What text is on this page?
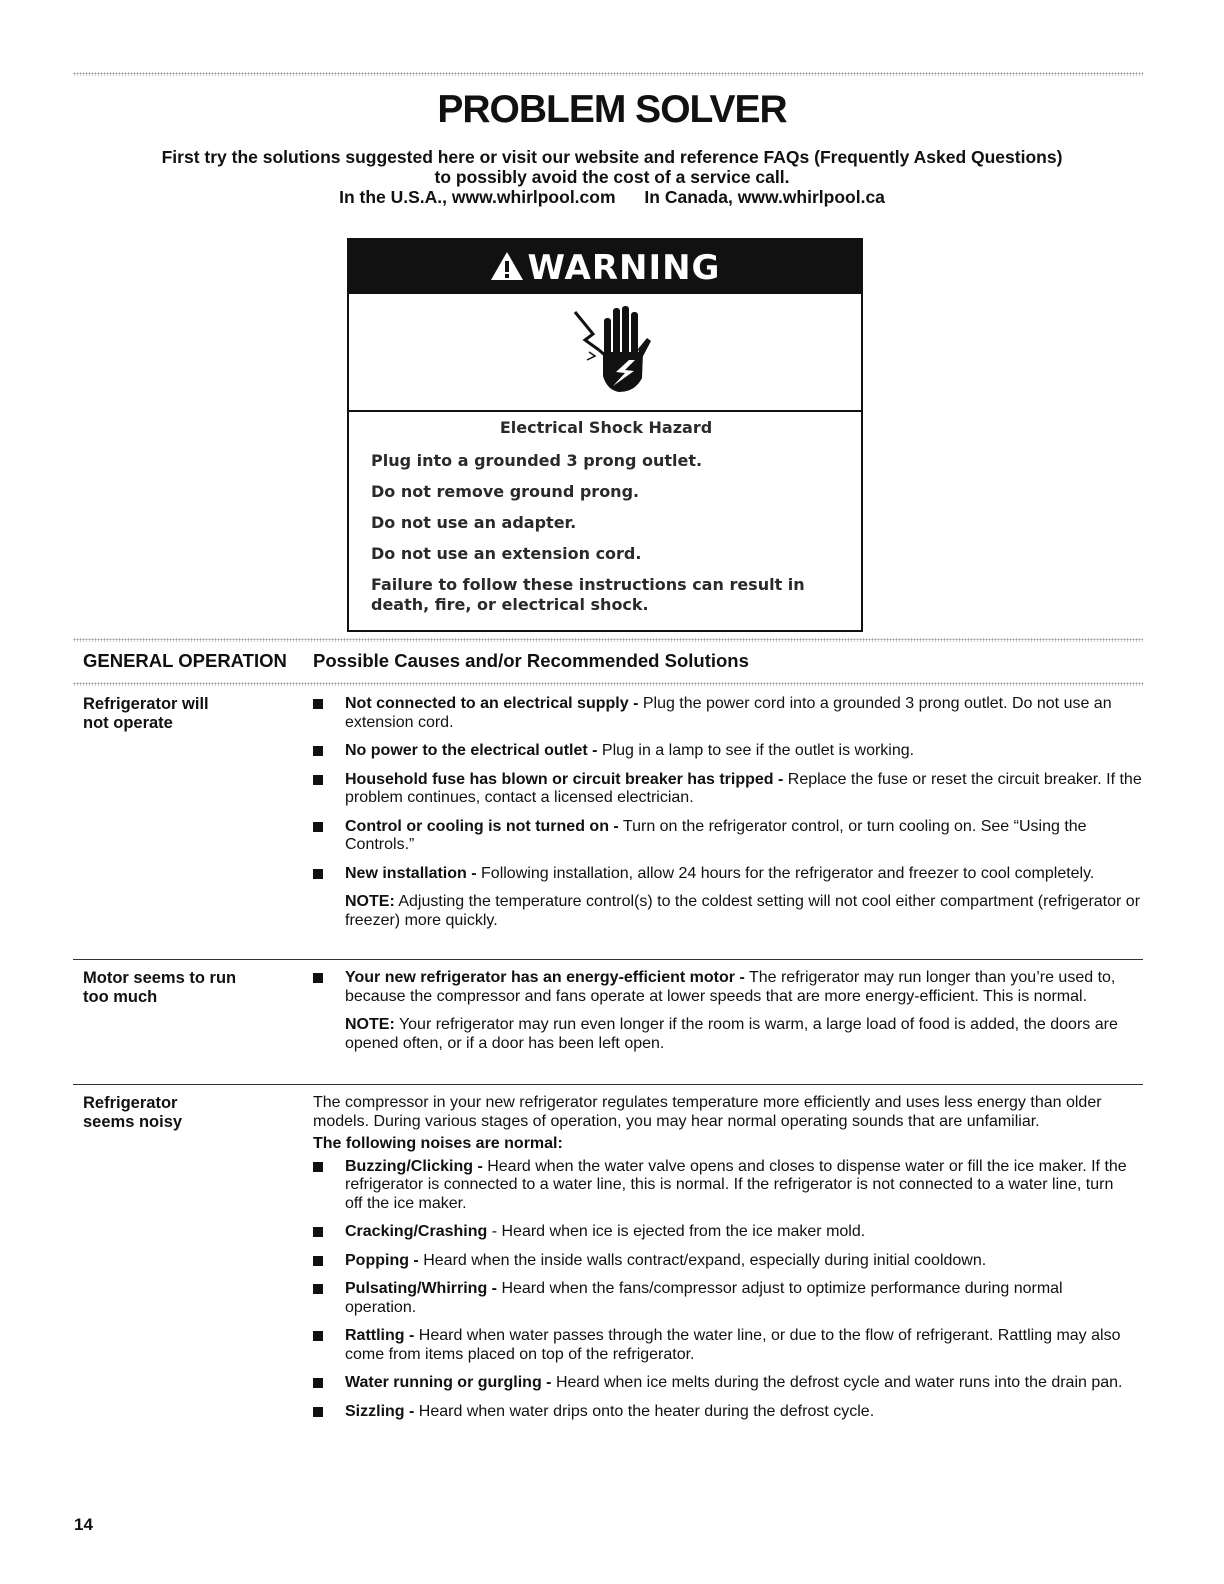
PROBLEM SOLVER
First try the solutions suggested here or visit our website and reference FAQs (Frequently Asked Questions)
to possibly avoid the cost of a service call.
In the U.S.A., www.whirlpool.com In Canada, www.whirlpool.ca
WARNING

Electrical Shock Hazard

Plug into a grounded 3 prong outlet.

Do not remove ground prong.

Do not use an adapter.

Do not use an extension cord.

Failure to follow these instructions can result in death, fire, or electrical shock.

GENERAL OPERATION Possible Causes and/or Recommended Solutions
Refrigerator will
not operate
Not connected to an electrical supply - Plug the power cord into a grounded 3 prong outlet. Do not use an extension cord.
No power to the electrical outlet - Plug in a lamp to see if the outlet is working.
Household fuse has blown or circuit breaker has tripped - Replace the fuse or reset the circuit breaker. If the problem continues, contact a licensed electrician.
Control or cooling is not turned on - Turn on the refrigerator control, or turn cooling on. See “Using the Controls.”
New installation - Following installation, allow 24 hours for the refrigerator and freezer to cool completely.
NOTE: Adjusting the temperature control(s) to the coldest setting will not cool either compartment (refrigerator or freezer) more quickly.
Motor seems to run
too much
Your new refrigerator has an energy-efficient motor - The refrigerator may run longer than you’re used to, because the compressor and fans operate at lower speeds that are more energy-efficient. This is normal.
NOTE: Your refrigerator may run even longer if the room is warm, a large load of food is added, the doors are opened often, or if a door has been left open.
Refrigerator
seems noisy

The compressor in your new refrigerator regulates temperature more efficiently and uses less energy than older models. During various stages of operation, you may hear normal operating sounds that are unfamiliar.

The following noises are normal:

Buzzing/Clicking - Heard when the water valve opens and closes to dispense water or fill the ice maker. If the refrigerator is connected to a water line, this is normal. If the refrigerator is not connected to a water line, turn off the ice maker.
Cracking/Crashing - Heard when ice is ejected from the ice maker mold.
Popping - Heard when the inside walls contract/expand, especially during initial cooldown.
Pulsating/Whirring - Heard when the fans/compressor adjust to optimize performance during normal operation.
Rattling - Heard when water passes through the water line, or due to the flow of refrigerant. Rattling may also come from items placed on top of the refrigerator.
Water running or gurgling - Heard when ice melts during the defrost cycle and water runs into the drain pan.
Sizzling - Heard when water drips onto the heater during the defrost cycle.
14
